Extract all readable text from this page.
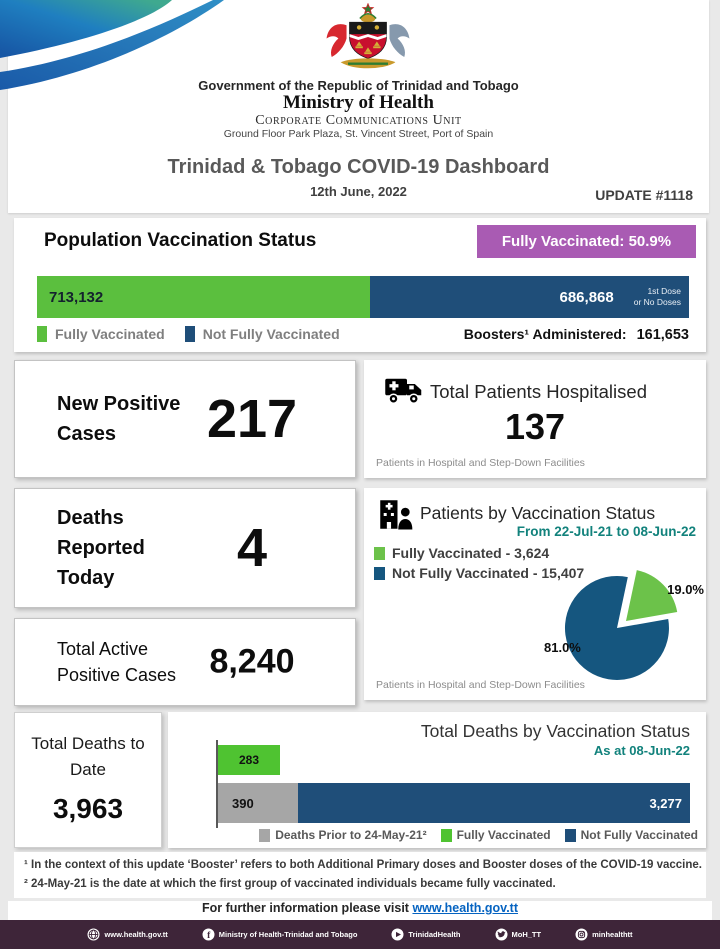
Government of the Republic of Trinidad and Tobago
Ministry of Health
Corporate Communications Unit
Ground Floor Park Plaza, St. Vincent Street, Port of Spain
Trinidad & Tobago COVID-19 Dashboard
12th June, 2022	UPDATE #1118
Population Vaccination Status	Fully Vaccinated: 50.9%
713,132	686,868	1st Dose
or No Doses
Fully Vaccinated	Not Fully Vaccinated	Boosters¹ Administered: 161,653
New Positive Cases	217	Total Patients Hospitalised
137
Patients in Hospital and Step-Down Facilities
Deaths Reported Today	4
Patients by Vaccination Status
From 22-Jul-21 to 08-Jun-22
Fully Vaccinated - 3,624
Not Fully Vaccinated - 15,407
19.0%
81.0%
Patients in Hospital and Step-Down Facilities
Total Active Positive Cases 8,240
Total Deaths to Date
3,963
Total Deaths by Vaccination Status
As at 08-Jun-22
283
390	3,277
Deaths Prior to 24-May-21²	Fully Vaccinated	Not Fully Vaccinated
¹ In the context of this update ‘Booster’ refers to both Additional Primary doses and Booster doses of the COVID-19 vaccine.
² 24-May-21 is the date at which the first group of vaccinated individuals became fully vaccinated.
For further information please visit www.health.gov.tt
www.health.gov.tt	f Ministry of Health-Trinidad and Tobago	TrinidadHealth	MoH_TT	minhealthtt
